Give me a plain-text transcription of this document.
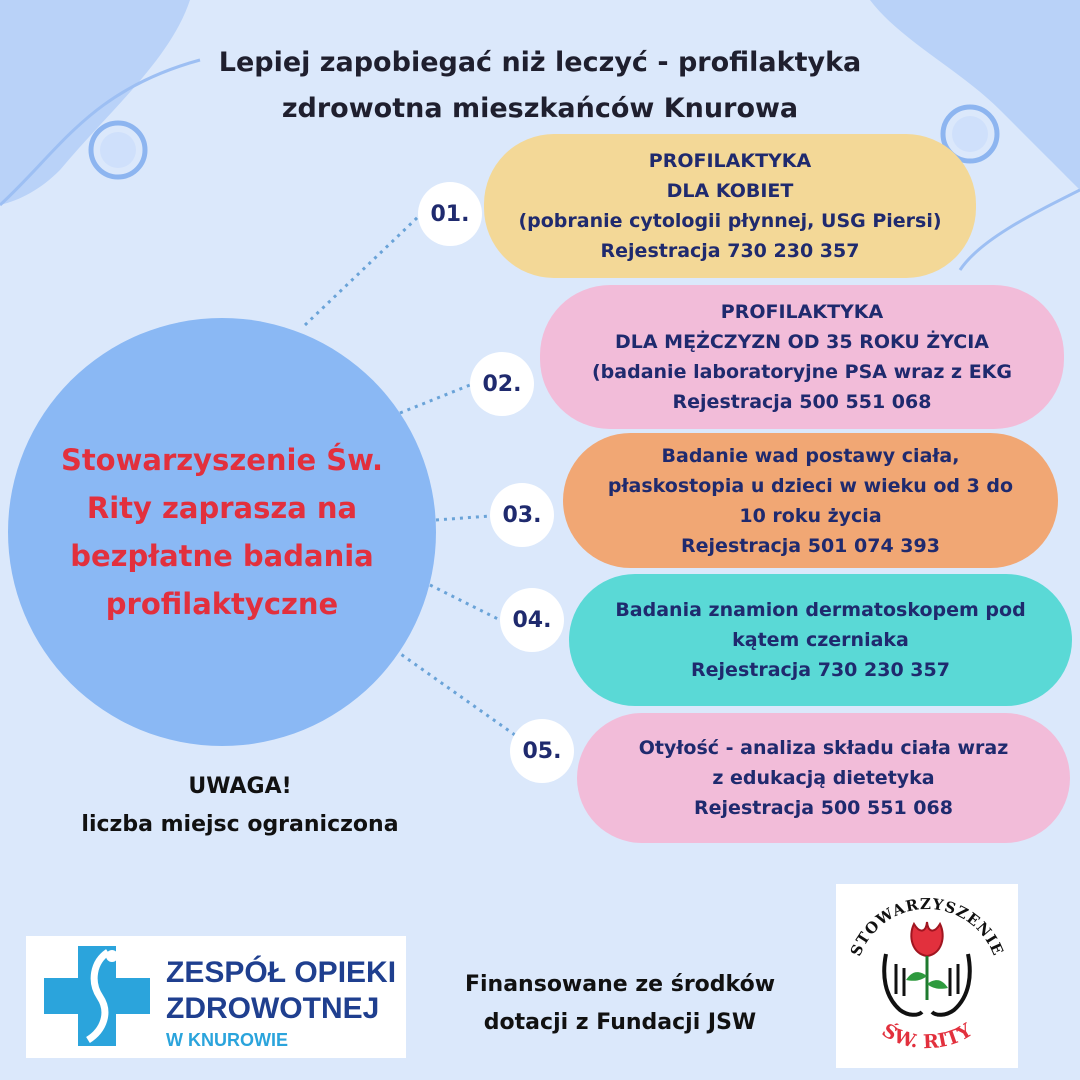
Lepiej zapobiegać niż leczyć - profilaktyka
zdrowotna mieszkańców Knurowa
Stowarzyszenie Św.
Rity zaprasza na
bezpłatne badania
profilaktyczne
PROFILAKTYKA
DLA KOBIET
(pobranie cytologii płynnej, USG Piersi)
Rejestracja 730 230 357
01.
PROFILAKTYKA
DLA MĘŻCZYZN OD 35 ROKU ŻYCIA
(badanie laboratoryjne PSA wraz z EKG
Rejestracja 500 551 068
02.
Badanie wad postawy ciała,
płaskostopia u dzieci w wieku od 3 do
10 roku życia
Rejestracja 501 074 393
03.
Badania znamion dermatoskopem pod
kątem czerniaka
Rejestracja 730 230 357
04.
Otyłość - analiza składu ciała wraz
z edukacją dietetyka
Rejestracja 500 551 068
05.
UWAGA!
liczba miejsc ograniczona
ZESPÓŁ OPIEKI
ZDROWOTNEJ
W KNUROWIE
Finansowane ze środków
dotacji z Fundacji JSW
STOWARZYSZENIE
ŚW. RITY
